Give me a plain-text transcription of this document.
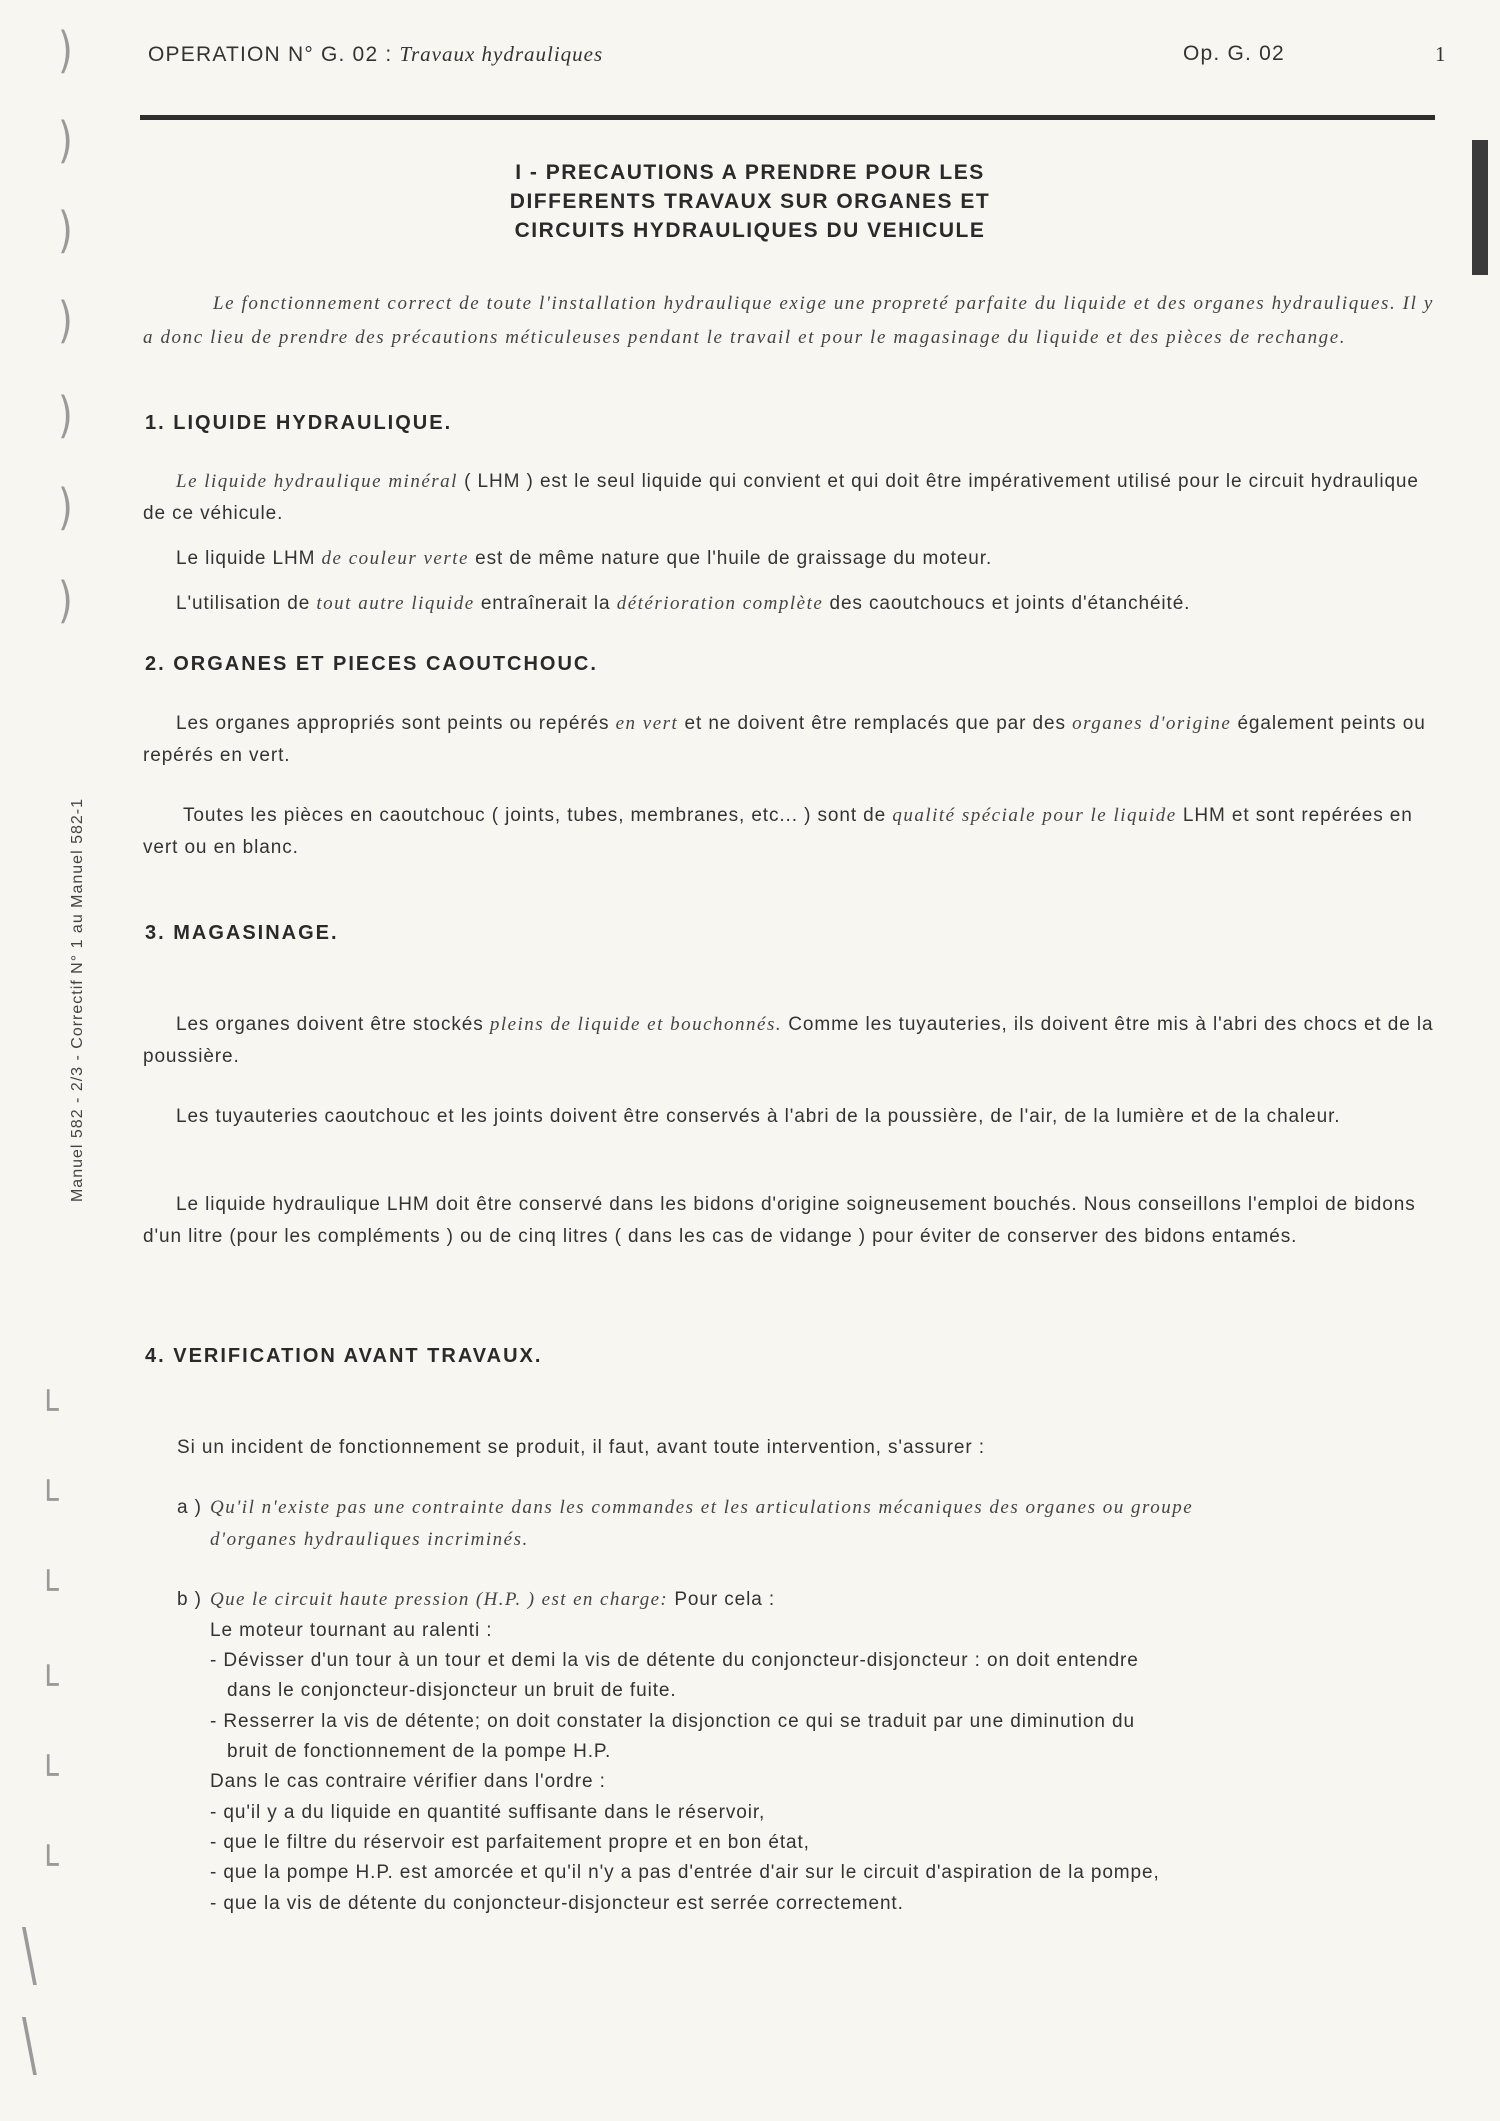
OPERATION N° G. 02 : Travaux hydrauliques	Op. G. 02	1
Manuel 582 - 2/3 - Correctif N° 1 au Manuel 582-1
)
)
)
)
)
)
)
└
└
└
└
└
└
\
\
I - PRECAUTIONS A PRENDRE POUR LES
DIFFERENTS TRAVAUX SUR ORGANES ET
CIRCUITS HYDRAULIQUES DU VEHICULE
Le fonctionnement correct de toute l'installation hydraulique exige une propreté parfaite du liquide et des organes hydrauliques. Il y a donc lieu de prendre des précautions méticuleuses pendant le travail et pour le magasinage du liquide et des pièces de rechange.
1. LIQUIDE HYDRAULIQUE.
Le liquide hydraulique minéral ( LHM ) est le seul liquide qui convient et qui doit être impérativement utilisé pour le circuit hydraulique de ce véhicule.
Le liquide LHM de couleur verte est de même nature que l'huile de graissage du moteur.
L'utilisation de tout autre liquide entraînerait la détérioration complète des caoutchoucs et joints d'étanchéité.
2. ORGANES ET PIECES CAOUTCHOUC.
Les organes appropriés sont peints ou repérés en vert et ne doivent être remplacés que par des organes d'origine également peints ou repérés en vert.
Toutes les pièces en caoutchouc ( joints, tubes, membranes, etc... ) sont de qualité spéciale pour le liquide LHM et sont repérées en vert ou en blanc.
3. MAGASINAGE.
Les organes doivent être stockés pleins de liquide et bouchonnés. Comme les tuyauteries, ils doivent être mis à l'abri des chocs et de la poussière.
Les tuyauteries caoutchouc et les joints doivent être conservés à l'abri de la poussière, de l'air, de la lumière et de la chaleur.
Le liquide hydraulique LHM doit être conservé dans les bidons d'origine soigneusement bouchés. Nous conseillons l'emploi de bidons d'un litre (pour les compléments ) ou de cinq litres ( dans les cas de vidange ) pour éviter de conserver des bidons entamés.
4. VERIFICATION AVANT TRAVAUX.
Si un incident de fonctionnement se produit, il faut, avant toute intervention, s'assurer :
a ) Qu'il n'existe pas une contrainte dans les commandes et les articulations mécaniques des organes ou groupe
d'organes hydrauliques incriminés.
b ) Que le circuit haute pression (H.P. ) est en charge: Pour cela :
Le moteur tournant au ralenti :
- Dévisser d'un tour à un tour et demi la vis de détente du conjoncteur-disjoncteur : on doit entendre
dans le conjoncteur-disjoncteur un bruit de fuite.
- Resserrer la vis de détente; on doit constater la disjonction ce qui se traduit par une diminution du
bruit de fonctionnement de la pompe H.P.
Dans le cas contraire vérifier dans l'ordre :
- qu'il y a du liquide en quantité suffisante dans le réservoir,
- que le filtre du réservoir est parfaitement propre et en bon état,
- que la pompe H.P. est amorcée et qu'il n'y a pas d'entrée d'air sur le circuit d'aspiration de la pompe,
- que la vis de détente du conjoncteur-disjoncteur est serrée correctement.
